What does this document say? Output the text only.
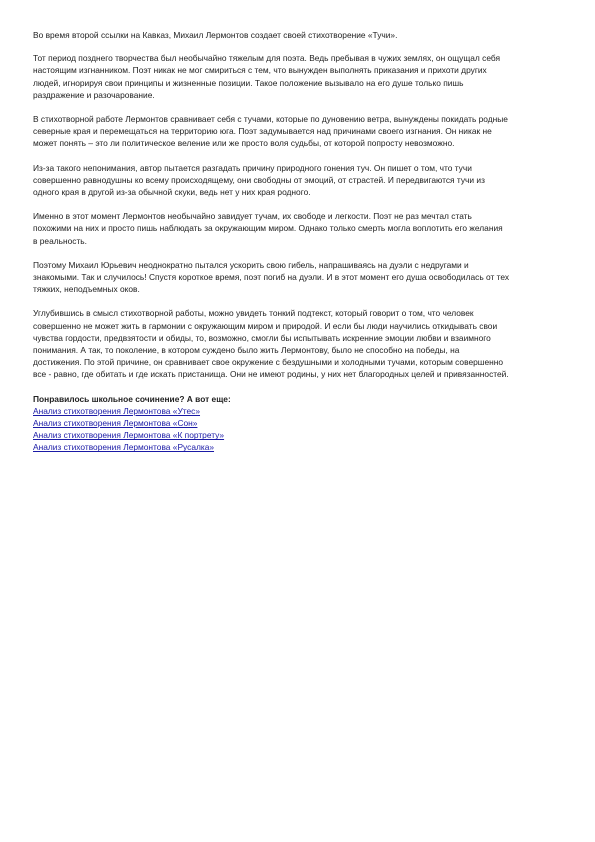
Во время второй ссылки на Кавказ, Михаил Лермонтов создает своей стихотворение «Тучи».

Тот период позднего творчества был необычайно тяжелым для поэта. Ведь пребывая в чужих землях, он ощущал себя
настоящим изгнанником. Поэт никак не мог смириться с тем, что вынужден выполнять приказания и прихоти других
людей, игнорируя свои принципы и жизненные позиции. Такое положение вызывало на его душе только пишь
раздражение и разочарование.

В стихотворной работе Лермонтов сравнивает себя с тучами, которые по дуновению ветра, вынуждены покидать родные
северные края и перемещаться на территорию юга. Поэт задумывается над причинами своего изгнания. Он никак не
может понять – это ли политическое веление или же просто воля судьбы, от которой попросту невозможно.

Из-за такого непонимания, автор пытается разгадать причину природного гонения туч. Он пишет о том, что тучи
совершенно равнодушны ко всему происходящему, они свободны от эмоций, от страстей. И передвигаются тучи из
одного края в другой из-за обычной скуки, ведь нет у них края родного.

Именно в этот момент Лермонтов необычайно завидует тучам, их свободе и легкости. Поэт не раз мечтал стать
похожими на них и просто пишь наблюдать за окружающим миром. Однако только смерть могла воплотить его желания
в реальность.

Поэтому Михаил Юрьевич неоднократно пытался ускорить свою гибель, напрашиваясь на дуэли с недругами и
знакомыми. Так и случилось! Спустя короткое время, поэт погиб на дуэли. И в этот момент его душа освободилась от тех
тяжких, неподъемных оков.

Углубившись в смысл стихотворной работы, можно увидеть тонкий подтекст, который говорит о том, что человек
совершенно не может жить в гармонии с окружающим миром и природой. И если бы люди научились откидывать свои
чувства гордости, предвзятости и обиды, то, возможно, смогли бы испытывать искренние эмоции любви и взаимного
понимания. А так, то поколение, в котором суждено было жить Лермонтову, было не способно на победы, на
достижения. По этой причине, он сравнивает свое окружение с бездушными и холодными тучами, которым совершенно
все - равно, где обитать и где искать пристанища. Они не имеют родины, у них нет благородных целей и привязанностей.

Понравилось школьное сочинение? А вот еще:

Анализ стихотворения Лермонтова «Утес»
Анализ стихотворения Лермонтова «Сон»
Анализ стихотворения Лермонтова «К портрету»
Анализ стихотворения Лермонтова «Русалка»
